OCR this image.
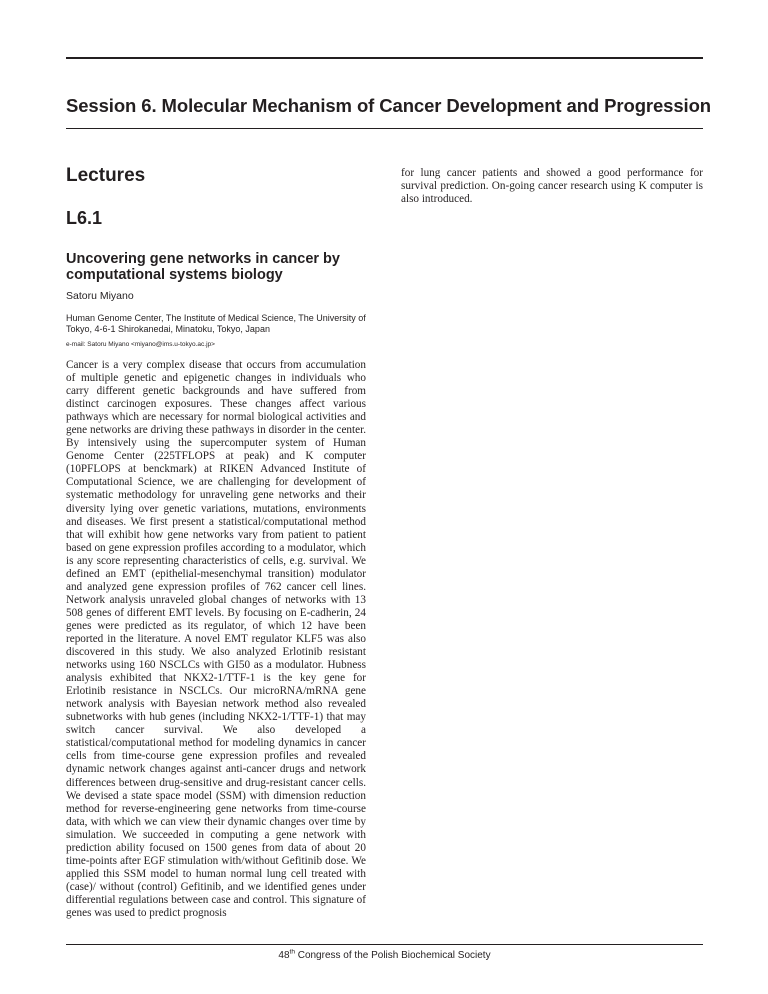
Session 6. Molecular Mechanism of Cancer Development and Progression
Lectures
L6.1
Uncovering gene networks in cancer by computational systems biology

Satoru Miyano

Human Genome Center, The Institute of Medical Science, The University of Tokyo, 4-6-1 Shirokanedai, Minatoku, Tokyo, Japan

e-mail: Satoru Miyano <miyano@ims.u-tokyo.ac.jp>

Cancer is a very complex disease that occurs from accumulation of multiple genetic and epigenetic changes in individuals who carry different genetic backgrounds and have suffered from distinct carcinogen exposures. These changes affect various pathways which are necessary for normal biological activities and gene networks are driving these pathways in disorder in the center. By intensively using the supercomputer system of Human Genome Center (225TFLOPS at peak) and K computer (10PFLOPS at benckmark) at RIKEN Advanced Institute of Computational Science, we are challenging for development of systematic methodology for unraveling gene networks and their diversity lying over genetic variations, mutations, environments and diseases. We first present a statistical/computational method that will exhibit how gene networks vary from patient to patient based on gene expression profiles according to a modulator, which is any score representing characteristics of cells, e.g. survival. We defined an EMT (epithelial-mesenchymal transition) modulator and analyzed gene expression profiles of 762 cancer cell lines. Network analysis unraveled global changes of networks with 13 508 genes of different EMT levels. By focusing on E-cadherin, 24 genes were predicted as its regulator, of which 12 have been reported in the literature. A novel EMT regulator KLF5 was also discovered in this study. We also analyzed Erlotinib resistant networks using 160 NSCLCs with GI50 as a modulator. Hubness analysis exhibited that NKX2-1/TTF-1 is the key gene for Erlotinib resistance in NSCLCs. Our microRNA/mRNA gene network analysis with Bayesian network method also revealed subnetworks with hub genes (including NKX2-1/TTF-1) that may switch cancer survival. We also developed a statistical/computational method for modeling dynamics in cancer cells from time-course gene expression profiles and revealed dynamic network changes against anti-cancer drugs and network differences between drug-sensitive and drug-resistant cancer cells. We devised a state space model (SSM) with dimension reduction method for reverse-engineering gene networks from time-course data, with which we can view their dynamic changes over time by simulation. We succeeded in computing a gene network with prediction ability focused on 1500 genes from data of about 20 time-points after EGF stimulation with/without Gefitinib dose. We applied this SSM model to human normal lung cell treated with (case)/ without (control) Gefitinib, and we identified genes under differential regulations between case and control. This signature of genes was used to predict prognosis

for lung cancer patients and showed a good performance for survival prediction. On-going cancer research using K computer is also introduced.

48th Congress of the Polish Biochemical Society
